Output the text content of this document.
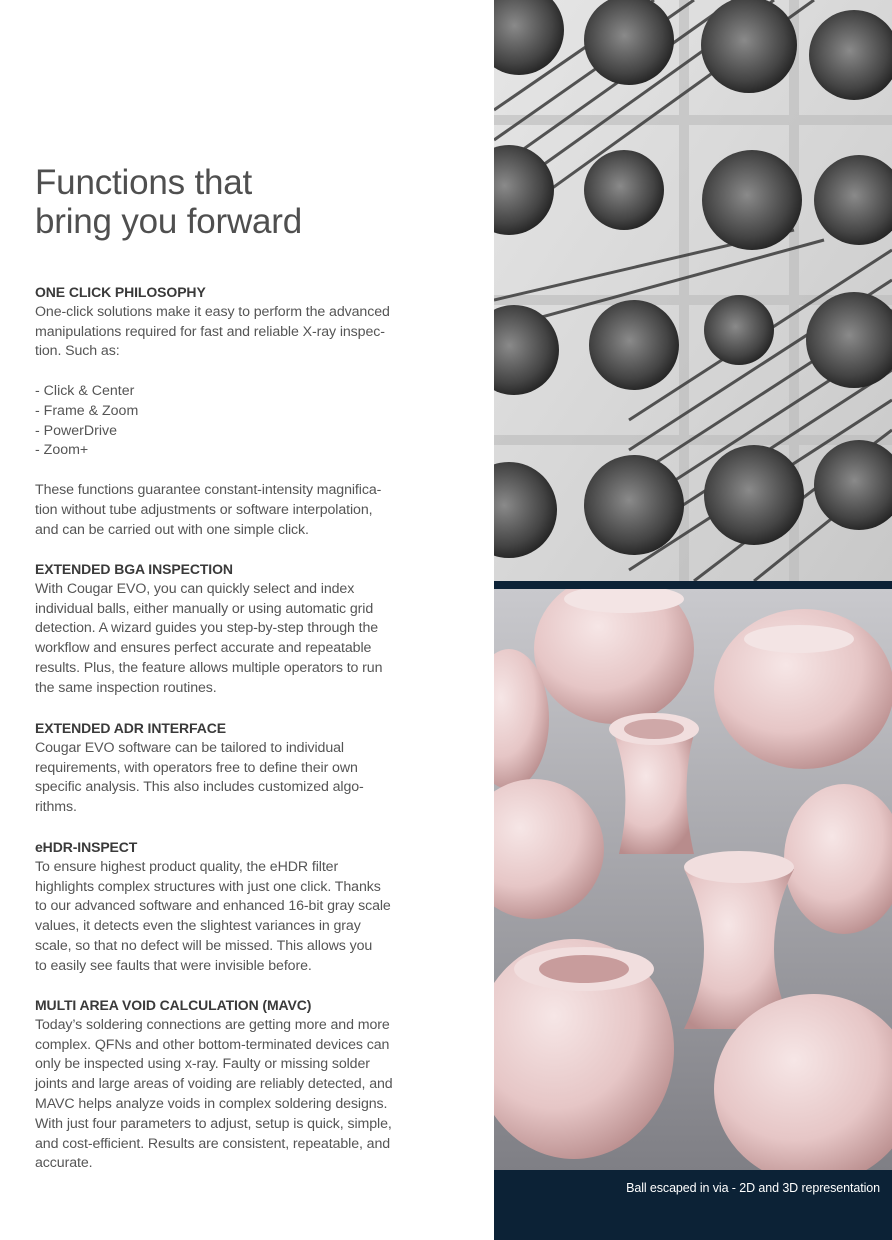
Functions that
bring you forward
ONE CLICK PHILOSOPHY

One-click solutions make it easy to perform the advanced
manipulations required for fast and reliable X-ray inspec-
tion. Such as:

- Click & Center
- Frame & Zoom
- PowerDrive
- Zoom+

These functions guarantee constant-intensity magnifica-
tion without tube adjustments or software interpolation,
and can be carried out with one simple click.

EXTENDED BGA INSPECTION

With Cougar EVO, you can quickly select and index
individual balls, either manually or using automatic grid
detection. A wizard guides you step-by-step through the
workflow and ensures perfect accurate and repeatable
results. Plus, the feature allows multiple operators to run
the same inspection routines.

EXTENDED ADR INTERFACE

Cougar EVO software can be tailored to individual
requirements, with operators free to define their own
specific analysis. This also includes customized algo-
rithms.

eHDR-INSPECT

To ensure highest product quality, the eHDR filter
highlights complex structures with just one click. Thanks
to our advanced software and enhanced 16-bit gray scale
values, it detects even the slightest variances in gray
scale, so that no defect will be missed. This allows you
to easily see faults that were invisible before.

MULTI AREA VOID CALCULATION (MAVC)

Today’s soldering connections are getting more and more
complex. QFNs and other bottom-terminated devices can
only be inspected using x-ray. Faulty or missing solder
joints and large areas of voiding are reliably detected, and
MAVC helps analyze voids in complex soldering designs.
With just four parameters to adjust, setup is quick, simple,
and cost-efficient. Results are consistent, repeatable, and
accurate.

Ball escaped in via - 2D and 3D representation
